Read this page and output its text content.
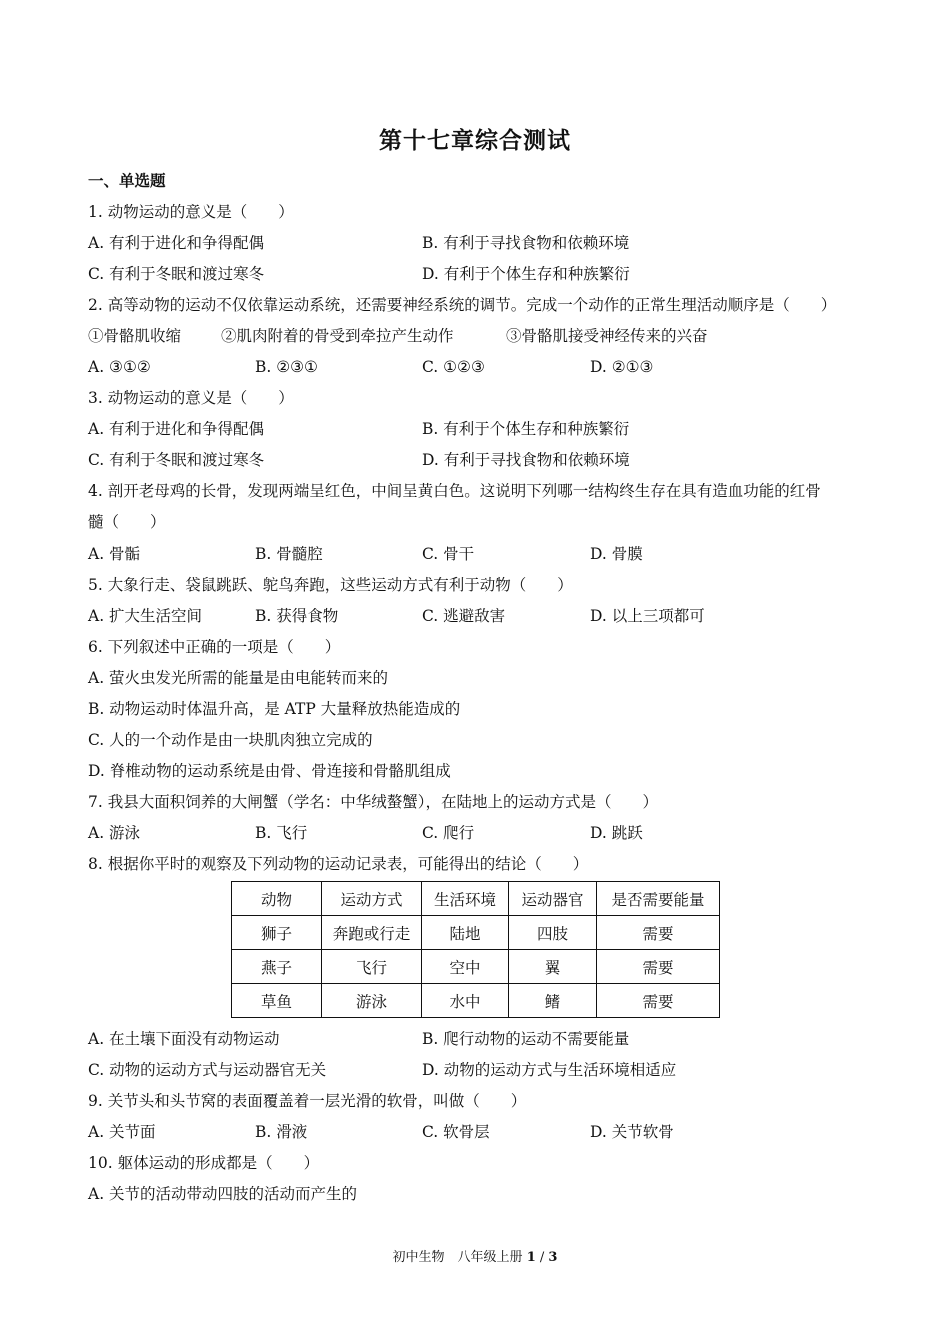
第十七章综合测试
一、单选题
1. 动物运动的意义是（　　）
A. 有利于进化和争得配偶	B. 有利于寻找食物和依赖环境
C. 有利于冬眠和渡过寒冬	D. 有利于个体生存和种族繁衍
2. 高等动物的运动不仅依靠运动系统，还需要神经系统的调节。完成一个动作的正常生理活动顺序是（　　）
①骨骼肌收缩	②肌肉附着的骨受到牵拉产生动作	③骨骼肌接受神经传来的兴奋
A. ③①②	B. ②③①	C. ①②③	D. ②①③
3. 动物运动的意义是（　　）
A. 有利于进化和争得配偶	B. 有利于个体生存和种族繁衍
C. 有利于冬眠和渡过寒冬	D. 有利于寻找食物和依赖环境
4. 剖开老母鸡的长骨，发现两端呈红色，中间呈黄白色。这说明下列哪一结构终生存在具有造血功能的红骨
髓（　　）
A. 骨骺	B. 骨髓腔	C. 骨干	D. 骨膜
5. 大象行走、袋鼠跳跃、鸵鸟奔跑，这些运动方式有利于动物（　　）
A. 扩大生活空间	B. 获得食物	C. 逃避敌害	D. 以上三项都可
6. 下列叙述中正确的一项是（　　）
A. 萤火虫发光所需的能量是由电能转而来的
B. 动物运动时体温升高，是 ATP 大量释放热能造成的
C. 人的一个动作是由一块肌肉独立完成的
D. 脊椎动物的运动系统是由骨、骨连接和骨骼肌组成
7. 我县大面积饲养的大闸蟹（学名：中华绒螯蟹），在陆地上的运动方式是（　　）
A. 游泳	B. 飞行	C. 爬行	D. 跳跃
8. 根据你平时的观察及下列动物的运动记录表，可能得出的结论（　　）
动物	运动方式	生活环境	运动器官	是否需要能量
狮子	奔跑或行走	陆地	四肢	需要
燕子	飞行	空中	翼	需要
草鱼	游泳	水中	鳍	需要
A. 在土壤下面没有动物运动	B. 爬行动物的运动不需要能量
C. 动物的运动方式与运动器官无关	D. 动物的运动方式与生活环境相适应
9. 关节头和头节窝的表面覆盖着一层光滑的软骨，叫做（　　）
A. 关节面	B. 滑液	C. 软骨层	D. 关节软骨
10. 躯体运动的形成都是（　　）
A. 关节的活动带动四肢的活动而产生的
初中生物　八年级上册 1 / 3
